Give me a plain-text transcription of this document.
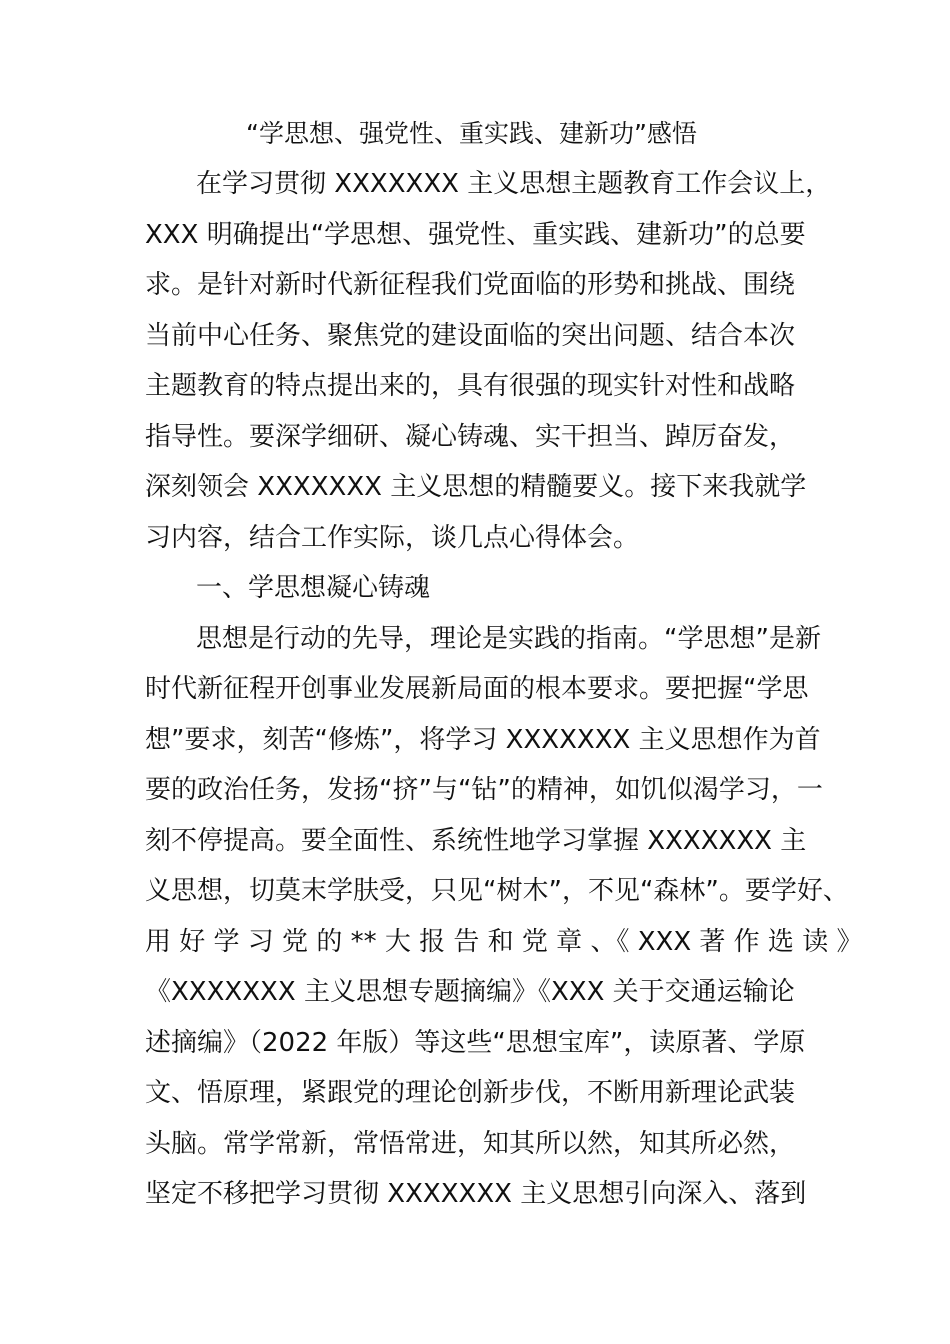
“学思想、强党性、重实践、建新功”感悟
在学习贯彻 XXXXXXX 主义思想主题教育工作会议上，
XXX 明确提出“学思想、强党性、重实践、建新功”的总要
求。是针对新时代新征程我们党面临的形势和挑战、围绕
当前中心任务、聚焦党的建设面临的突出问题、结合本次
主题教育的特点提出来的，具有很强的现实针对性和战略
指导性。要深学细研、凝心铸魂、实干担当、踔厉奋发，
深刻领会 XXXXXXX 主义思想的精髓要义。接下来我就学
习内容，结合工作实际，谈几点心得体会。
一、学思想凝心铸魂
思想是行动的先导，理论是实践的指南。“学思想”是新
时代新征程开创事业发展新局面的根本要求。要把握“学思
想”要求，刻苦“修炼”，将学习 XXXXXXX 主义思想作为首
要的政治任务，发扬“挤”与“钻”的精神，如饥似渴学习，一
刻不停提高。要全面性、系统性地学习掌握 XXXXXXX 主
义思想，切莫末学肤受，只见“树木”，不见“森林”。要学好、
用 好 学 习 党 的 ** 大 报 告 和 党 章 、《 XXX 著 作 选 读 》
《XXXXXXX 主义思想专题摘编》《XXX 关于交通运输论
述摘编》（2022 年版）等这些“思想宝库”，读原著、学原
文、悟原理，紧跟党的理论创新步伐，不断用新理论武装
头脑。常学常新，常悟常进，知其所以然，知其所必然，
坚定不移把学习贯彻 XXXXXXX 主义思想引向深入、落到
